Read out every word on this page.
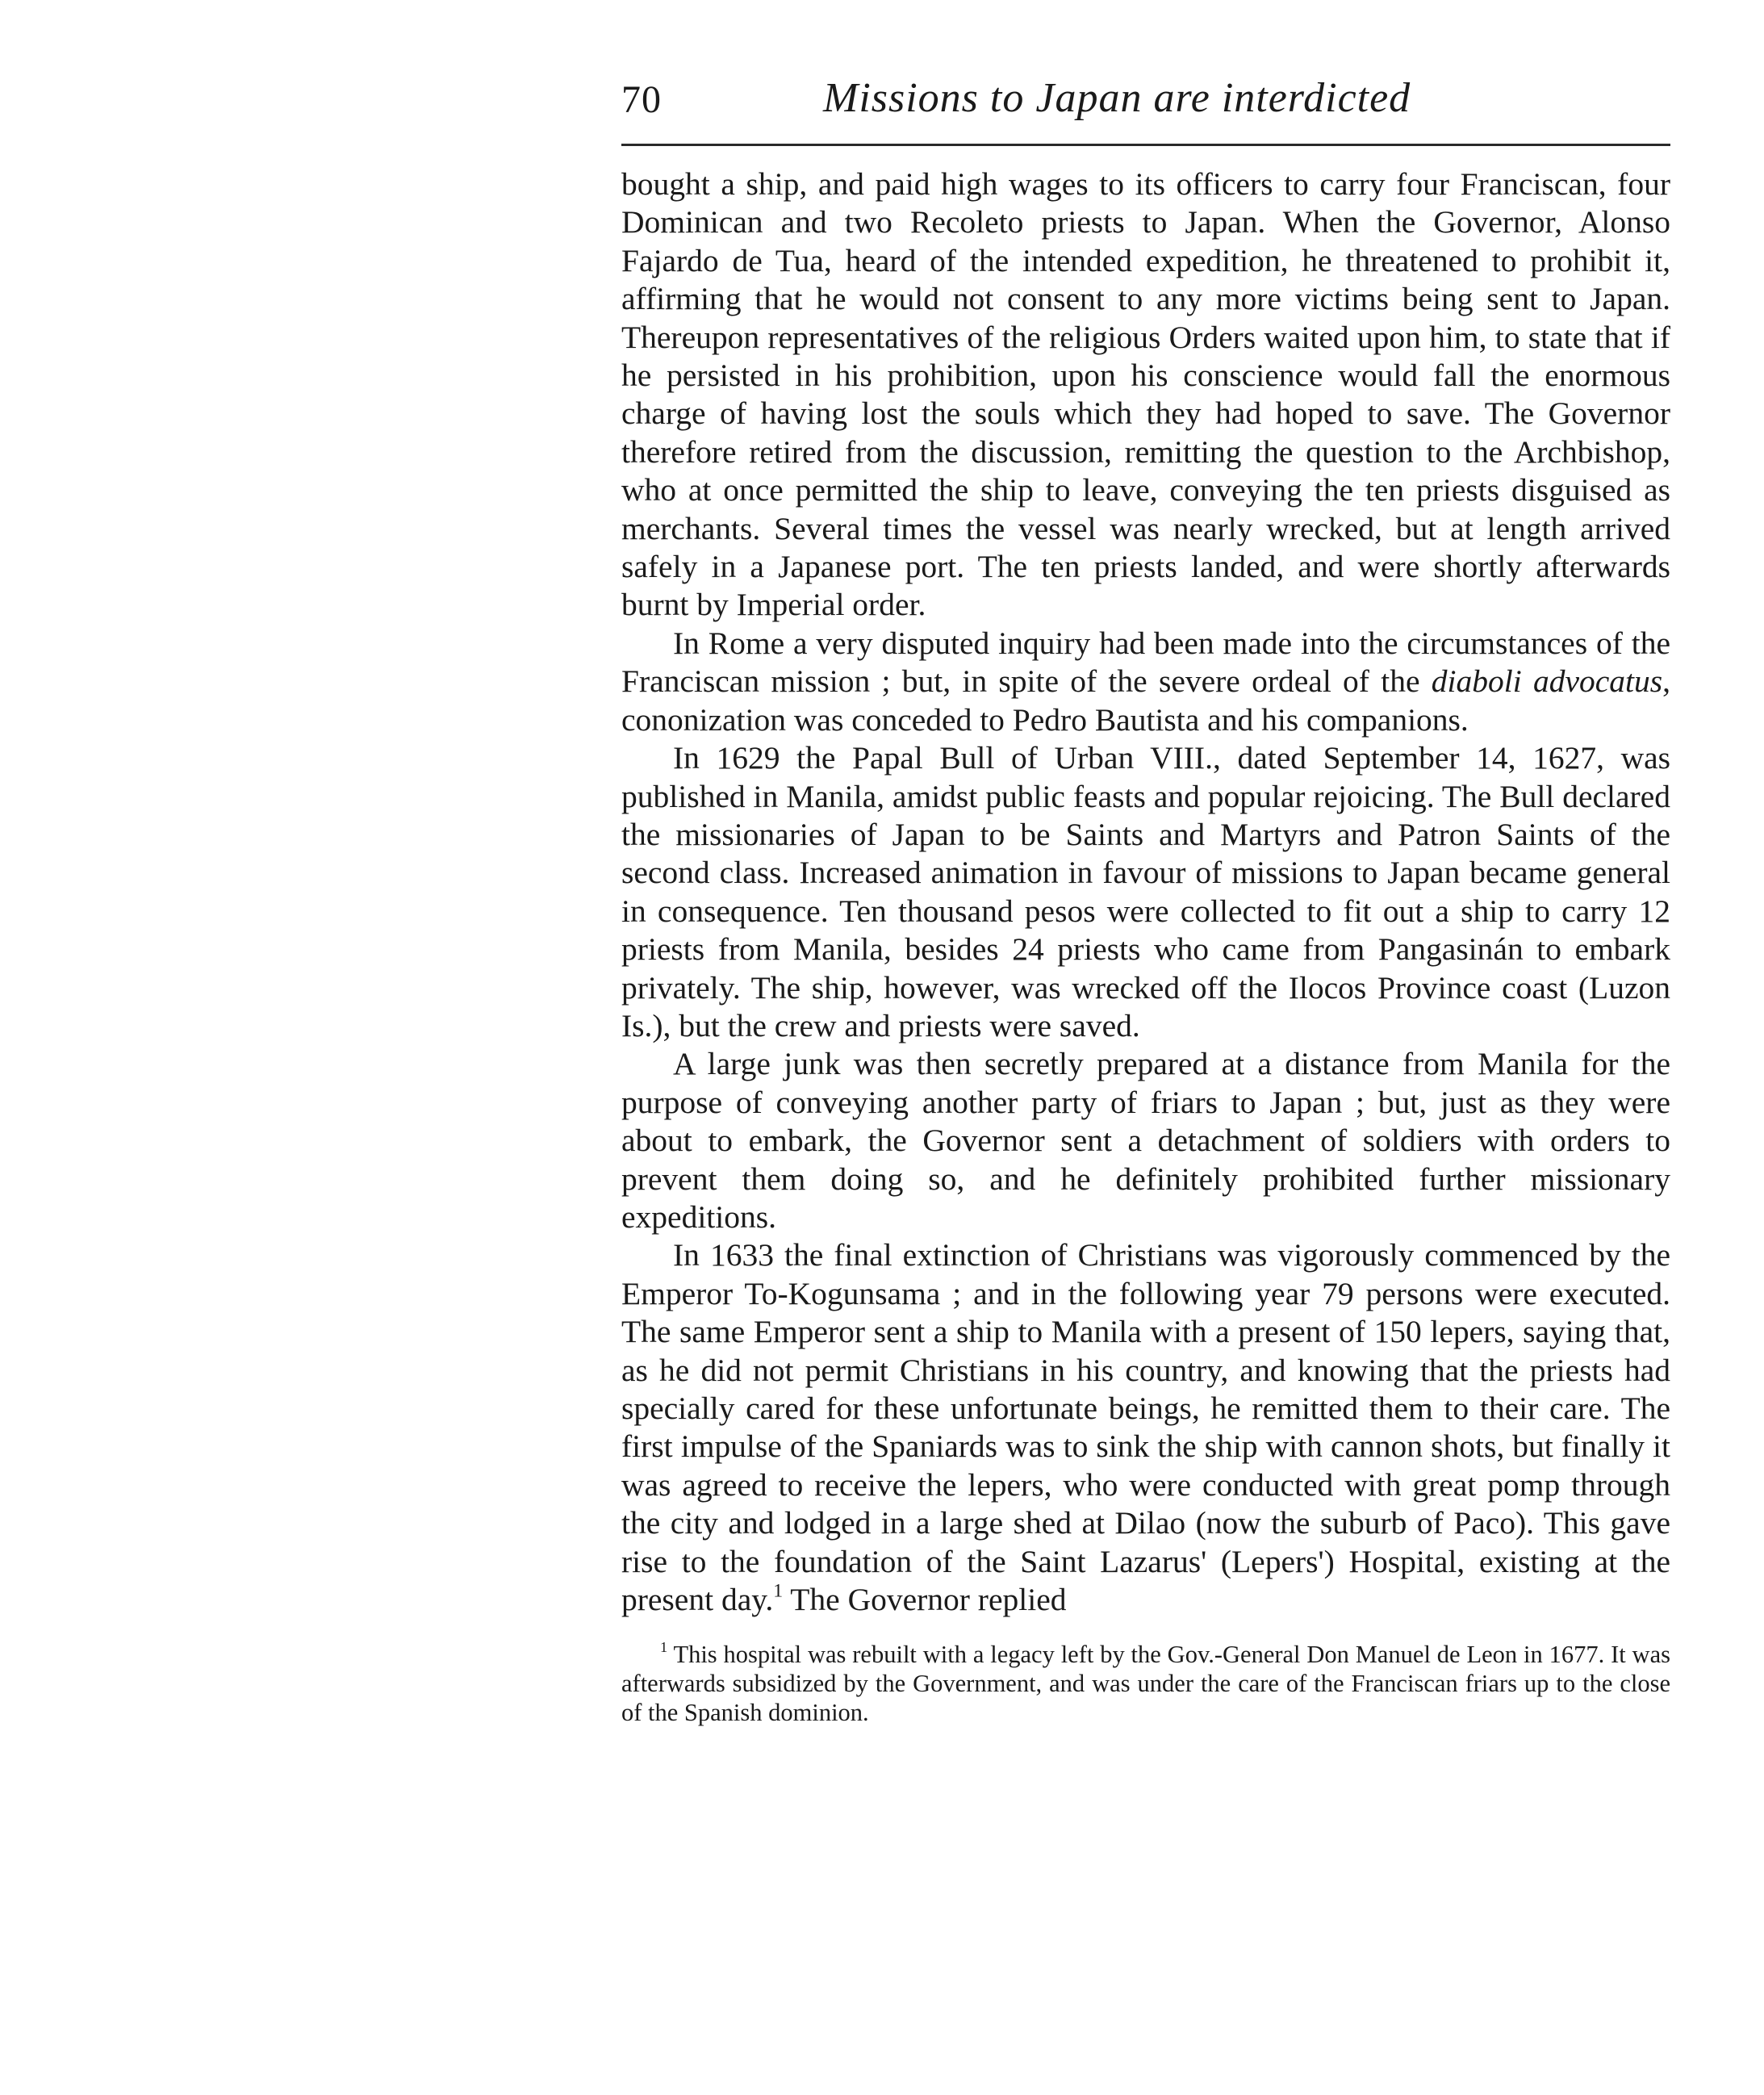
70	Missions to Japan are interdicted

bought a ship, and paid high wages to its officers to carry four Franciscan, four Dominican and two Recoleto priests to Japan. When the Governor, Alonso Fajardo de Tua, heard of the intended expedition, he threatened to prohibit it, affirming that he would not consent to any more victims being sent to Japan. Thereupon representatives of the religious Orders waited upon him, to state that if he persisted in his prohibition, upon his conscience would fall the enormous charge of having lost the souls which they had hoped to save. The Governor therefore retired from the discussion, remitting the question to the Archbishop, who at once permitted the ship to leave, conveying the ten priests disguised as merchants. Several times the vessel was nearly wrecked, but at length arrived safely in a Japanese port. The ten priests landed, and were shortly afterwards burnt by Imperial order.

In Rome a very disputed inquiry had been made into the circumstances of the Franciscan mission ; but, in spite of the severe ordeal of the diaboli advocatus, cononization was conceded to Pedro Bautista and his companions.

In 1629 the Papal Bull of Urban VIII., dated September 14, 1627, was published in Manila, amidst public feasts and popular rejoicing. The Bull declared the missionaries of Japan to be Saints and Martyrs and Patron Saints of the second class. Increased animation in favour of missions to Japan became general in consequence. Ten thousand pesos were collected to fit out a ship to carry 12 priests from Manila, besides 24 priests who came from Pangasinán to embark privately. The ship, however, was wrecked off the Ilocos Province coast (Luzon Is.), but the crew and priests were saved.

A large junk was then secretly prepared at a distance from Manila for the purpose of conveying another party of friars to Japan ; but, just as they were about to embark, the Governor sent a detachment of soldiers with orders to prevent them doing so, and he definitely prohibited further missionary expeditions.

In 1633 the final extinction of Christians was vigorously commenced by the Emperor To-Kogunsama ; and in the following year 79 persons were executed. The same Emperor sent a ship to Manila with a present of 150 lepers, saying that, as he did not permit Christians in his country, and knowing that the priests had specially cared for these unfortunate beings, he remitted them to their care. The first impulse of the Spaniards was to sink the ship with cannon shots, but finally it was agreed to receive the lepers, who were conducted with great pomp through the city and lodged in a large shed at Dilao (now the suburb of Paco). This gave rise to the foundation of the Saint Lazarus' (Lepers') Hospital, existing at the present day.$^1$ The Governor replied

$^1$ This hospital was rebuilt with a legacy left by the Gov.-General Don Manuel de Leon in 1677. It was afterwards subsidized by the Government, and was under the care of the Franciscan friars up to the close of the Spanish dominion.
